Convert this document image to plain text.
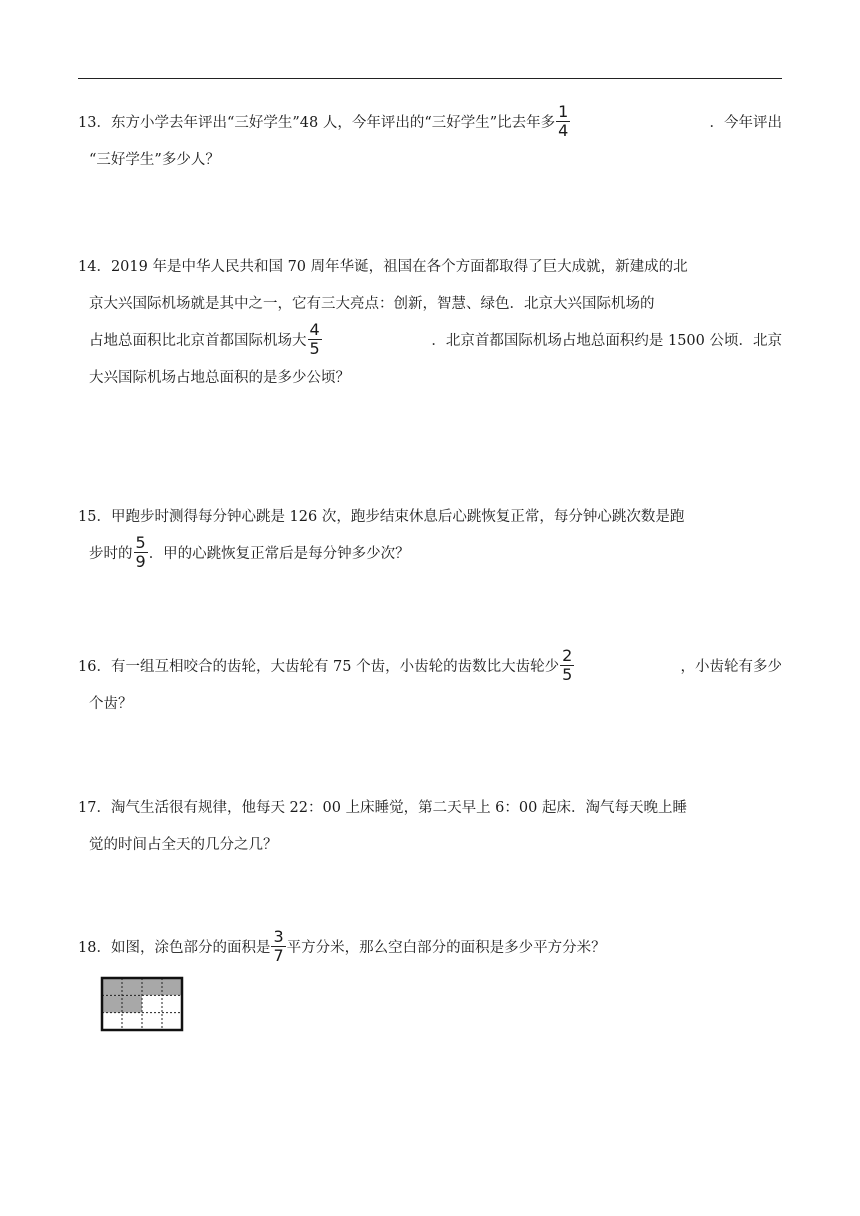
13．东方小学去年评出“三好学生”48 人，今年评出的“三好学生”比去年多 $\frac{1}{4}$	．今年评出
“三好学生”多少人？
14．2019 年是中华人民共和国 70 周年华诞，祖国在各个方面都取得了巨大成就，新建成的北
京大兴国际机场就是其中之一，它有三大亮点：创新，智慧、绿色．北京大兴国际机场的
占地总面积比北京首都国际机场大 $\frac{4}{5}$	．北京首都国际机场占地总面积约是 1500 公顷．北京
大兴国际机场占地总面积的是多少公顷？
15．甲跑步时测得每分钟心跳是 126 次，跑步结束休息后心跳恢复正常，每分钟心跳次数是跑
步时的 $\frac{5}{9}$ ．甲的心跳恢复正常后是每分钟多少次？
16．有一组互相咬合的齿轮，大齿轮有 75 个齿，小齿轮的齿数比大齿轮少 $\frac{2}{5}$	，小齿轮有多少
个齿？
17．淘气生活很有规律，他每天 22：00 上床睡觉，第二天早上 6：00 起床．淘气每天晚上睡
觉的时间占全天的几分之几？
18．如图，涂色部分的面积是 $\frac{3}{7}$ 平方分米，那么空白部分的面积是多少平方分米？
